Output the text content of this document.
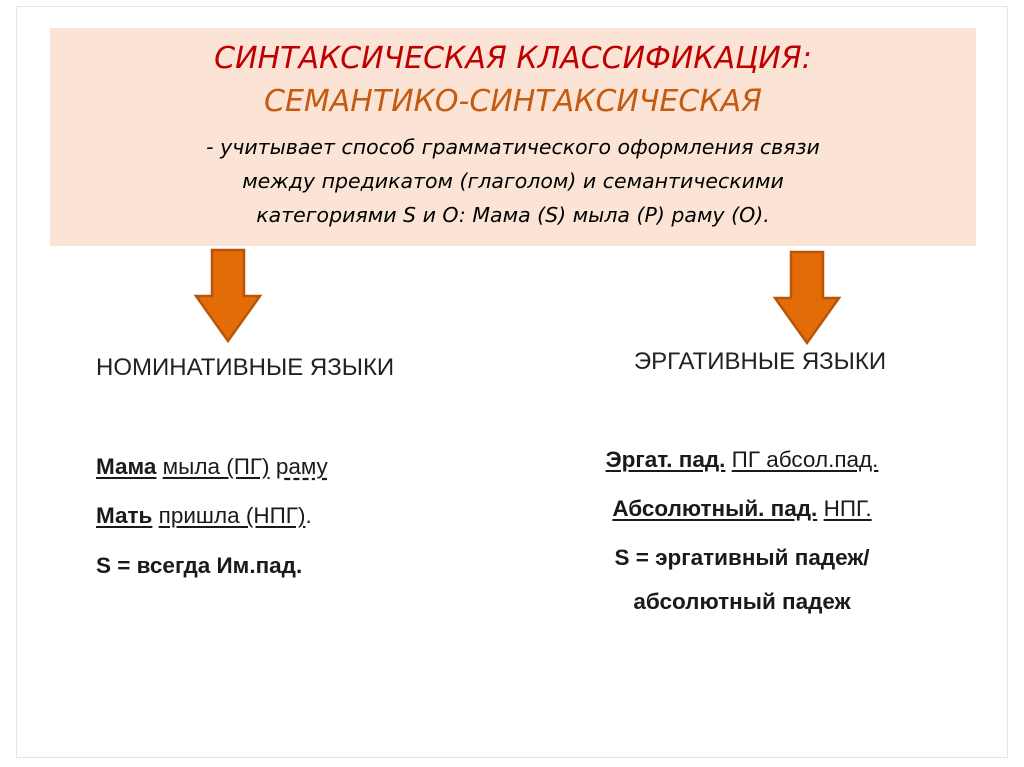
СИНТАКСИЧЕСКАЯ КЛАССИФИКАЦИЯ:
СЕМАНТИКО-СИНТАКСИЧЕСКАЯ
- учитывает способ грамматического оформления связи
между предикатом (глаголом) и семантическими
категориями S и O: Мама (S) мыла (P) раму (O).
НОМИНАТИВНЫЕ ЯЗЫКИ	ЭРГАТИВНЫЕ ЯЗЫКИ
Мама мыла (ПГ) раму
Мать пришла (НПГ).
S = всегда Им.пад.
Эргат. пад. ПГ абсол.пад.
Абсолютный. пад. НПГ.
S = эргативный падеж/
абсолютный падеж
